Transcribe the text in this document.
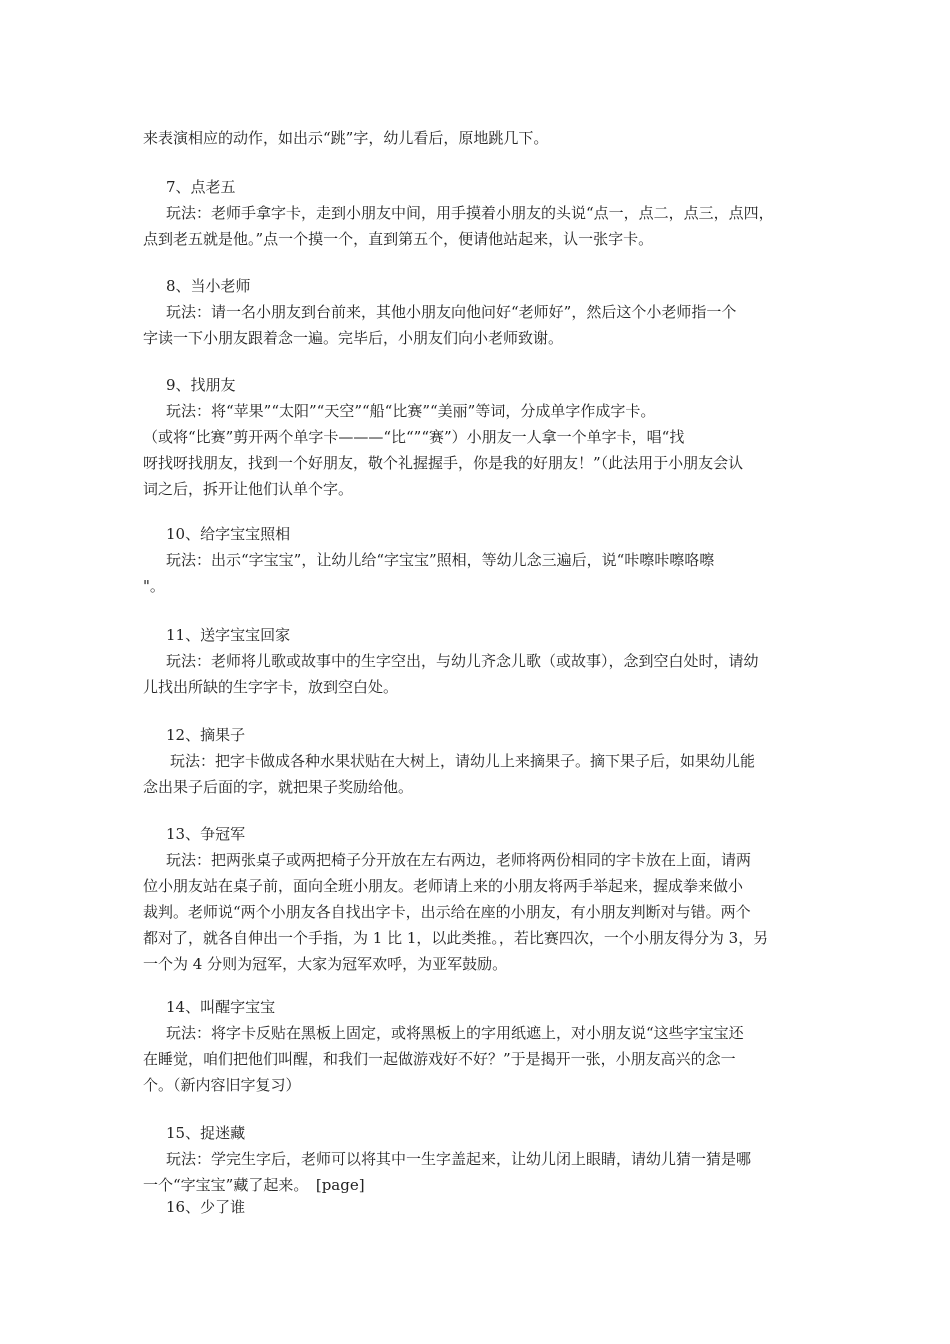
来表演相应的动作，如出示“跳”字，幼儿看后，原地跳几下。
7、点老五
玩法：老师手拿字卡，走到小朋友中间，用手摸着小朋友的头说“点一，点二，点三，点四，
点到老五就是他。”点一个摸一个，直到第五个，便请他站起来，认一张字卡。
8、当小老师
玩法：请一名小朋友到台前来，其他小朋友向他问好“老师好”，然后这个小老师指一个
字读一下小朋友跟着念一遍。完毕后，小朋友们向小老师致谢。
9、找朋友
玩法：将“苹果”“太阳”“天空”“船“比赛”“美丽”等词，分成单字作成字卡。
（或将“比赛”剪开两个单字卡———“比“”“赛”）小朋友一人拿一个单字卡，唱“找
呀找呀找朋友，找到一个好朋友，敬个礼握握手，你是我的好朋友！”（此法用于小朋友会认
词之后，拆开让他们认单个字。
10、给字宝宝照相
玩法：出示“字宝宝”，让幼儿给“字宝宝”照相，等幼儿念三遍后，说“咔嚓咔嚓咯嚓
"。
11、送字宝宝回家
玩法：老师将儿歌或故事中的生字空出，与幼儿齐念儿歌（或故事），念到空白处时，请幼
儿找出所缺的生字字卡，放到空白处。
12、摘果子
玩法：把字卡做成各种水果状贴在大树上，请幼儿上来摘果子。摘下果子后，如果幼儿能
念出果子后面的字，就把果子奖励给他。
13、争冠军
玩法：把两张桌子或两把椅子分开放在左右两边，老师将两份相同的字卡放在上面，请两
位小朋友站在桌子前，面向全班小朋友。老师请上来的小朋友将两手举起来，握成拳来做小
裁判。老师说“两个小朋友各自找出字卡，出示给在座的小朋友，有小朋友判断对与错。两个
都对了，就各自伸出一个手指，为 1 比 1，以此类推。，若比赛四次，一个小朋友得分为 3，另
一个为 4 分则为冠军，大家为冠军欢呼，为亚军鼓励。
14、叫醒字宝宝
玩法：将字卡反贴在黑板上固定，或将黑板上的字用纸遮上，对小朋友说“这些字宝宝还
在睡觉，咱们把他们叫醒，和我们一起做游戏好不好？”于是揭开一张，小朋友高兴的念一
个。（新内容旧字复习）
15、捉迷藏
玩法：学完生字后，老师可以将其中一生字盖起来，让幼儿闭上眼睛，请幼儿猜一猜是哪
一个“字宝宝”藏了起来。　[page]
16、少了谁
